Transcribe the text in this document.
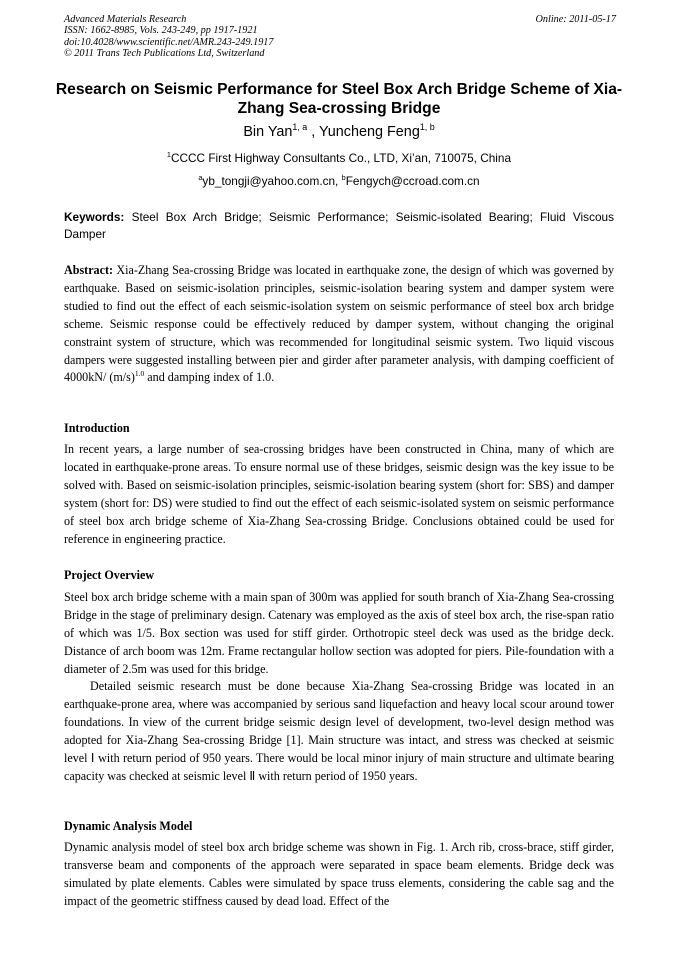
Advanced Materials Research
ISSN: 1662-8985, Vols. 243-249, pp 1917-1921
doi:10.4028/www.scientific.net/AMR.243-249.1917
© 2011 Trans Tech Publications Ltd, Switzerland
Online: 2011-05-17
Research on Seismic Performance for Steel Box Arch Bridge Scheme of Xia-Zhang Sea-crossing Bridge
Bin Yan$^{1, a}$ , Yuncheng Feng$^{1, b}$
$^1$CCCC First Highway Consultants Co., LTD, Xi’an, 710075, China
$^a$yb_tongji@yahoo.com.cn, $^b$Fengych@ccroad.com.cn
Keywords: Steel Box Arch Bridge; Seismic Performance; Seismic-isolated Bearing; Fluid Viscous Damper
Abstract: Xia-Zhang Sea-crossing Bridge was located in earthquake zone, the design of which was governed by earthquake. Based on seismic-isolation principles, seismic-isolation bearing system and damper system were studied to find out the effect of each seismic-isolation system on seismic performance of steel box arch bridge scheme. Seismic response could be effectively reduced by damper system, without changing the original constraint system of structure, which was recommended for longitudinal seismic system. Two liquid viscous dampers were suggested installing between pier and girder after parameter analysis, with damping coefficient of 4000kN/ $(m/s)^{1.0}$ and damping index of 1.0.
Introduction

In recent years, a large number of sea-crossing bridges have been constructed in China, many of which are located in earthquake-prone areas. To ensure normal use of these bridges, seismic design was the key issue to be solved with. Based on seismic-isolation principles, seismic-isolation bearing system (short for: SBS) and damper system (short for: DS) were studied to find out the effect of each seismic-isolated system on seismic performance of steel box arch bridge scheme of Xia-Zhang Sea-crossing Bridge. Conclusions obtained could be used for reference in engineering practice.

Project Overview

Steel box arch bridge scheme with a main span of 300m was applied for south branch of Xia-Zhang Sea-crossing Bridge in the stage of preliminary design. Catenary was employed as the axis of steel box arch, the rise-span ratio of which was 1/5. Box section was used for stiff girder. Orthotropic steel deck was used as the bridge deck. Distance of arch boom was 12m. Frame rectangular hollow section was adopted for piers. Pile-foundation with a diameter of 2.5m was used for this bridge.

Detailed seismic research must be done because Xia-Zhang Sea-crossing Bridge was located in an earthquake-prone area, where was accompanied by serious sand liquefaction and heavy local scour around tower foundations. In view of the current bridge seismic design level of development, two-level design method was adopted for Xia-Zhang Sea-crossing Bridge [1]. Main structure was intact, and stress was checked at seismic level Ⅰ with return period of 950 years. There would be local minor injury of main structure and ultimate bearing capacity was checked at seismic level Ⅱ with return period of 1950 years.

Dynamic Analysis Model

Dynamic analysis model of steel box arch bridge scheme was shown in Fig. 1. Arch rib, cross-brace, stiff girder, transverse beam and components of the approach were separated in space beam elements. Bridge deck was simulated by plate elements. Cables were simulated by space truss elements, considering the cable sag and the impact of the geometric stiffness caused by dead load. Effect of the
